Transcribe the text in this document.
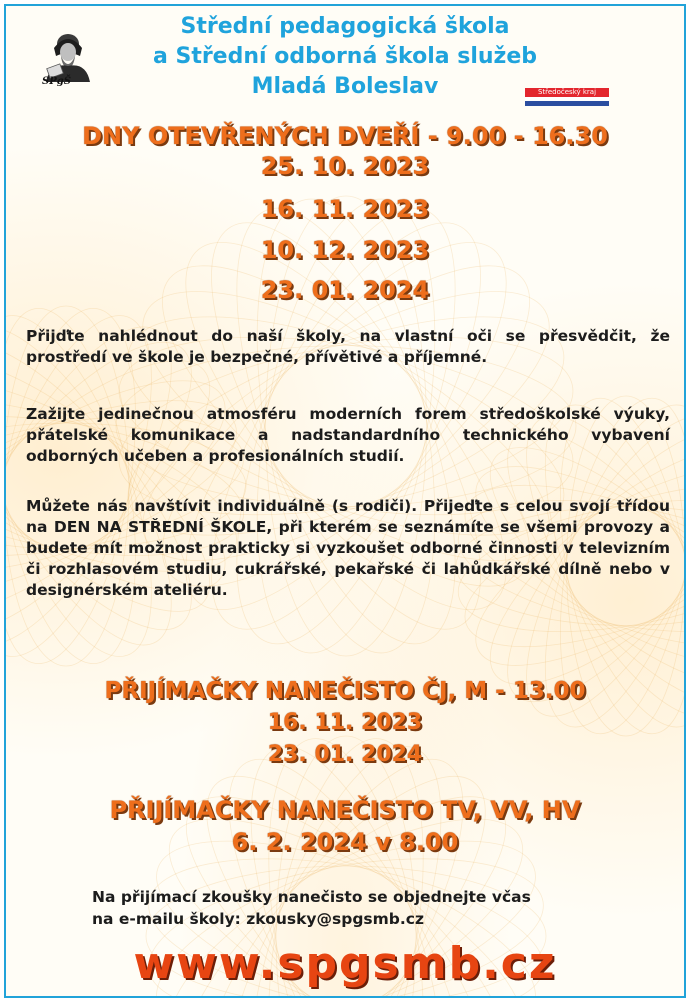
SPgŠ
Střední pedagogická škola
a Střední odborná škola služeb
Mladá Boleslav	Středočeský kraj
DNY OTEVŘENÝCH DVEŘÍ - 9.00 - 16.30
25. 10. 2023
16. 11. 2023
10. 12. 2023
23. 01. 2024
Přijďte nahlédnout do naší školy, na vlastní oči se přesvědčit, že prostředí ve škole je bezpečné, přívětivé a příjemné.
Zažijte jedinečnou atmosféru moderních forem středoškolské výuky, přátelské komunikace a nadstandardního technického vybavení odborných učeben a profesionálních studií.
Můžete nás navštívit individuálně (s rodiči). Přijeďte s celou svojí třídou na DEN NA STŘEDNÍ ŠKOLE, při kterém se seznámíte se všemi provozy a budete mít možnost prakticky si vyzkoušet odborné činnosti v televizním či rozhlasovém studiu, cukrářské, pekařské či lahůdkářské dílně nebo v designérském ateliéru.
PŘIJÍMAČKY NANEČISTO ČJ, M - 13.00
16. 11. 2023
23. 01. 2024
PŘIJÍMAČKY NANEČISTO TV, VV, HV
6. 2. 2024 v 8.00
Na přijímací zkoušky nanečisto se objednejte včas
na e-mailu školy: zkousky@spgsmb.cz
www.spgsmb.cz
